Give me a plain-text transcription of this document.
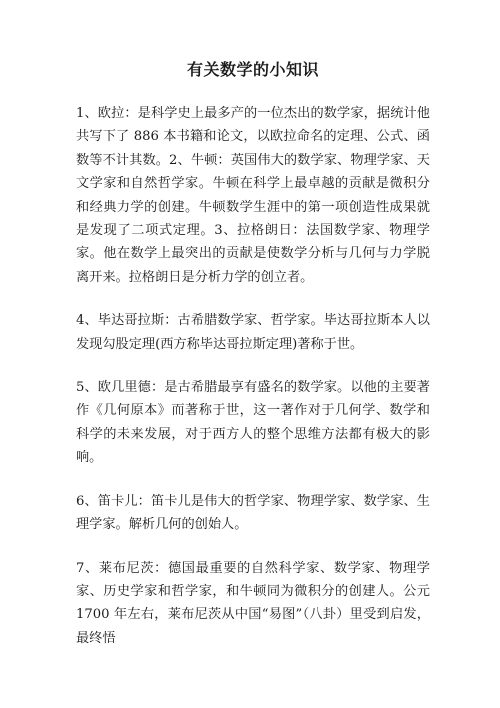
有关数学的小知识

1、欧拉：是科学史上最多产的一位杰出的数学家，据统计他共写下了 886 本书籍和论文，以欧拉命名的定理、公式、函数等不计其数。2、牛顿：英国伟大的数学家、物理学家、天文学家和自然哲学家。牛顿在科学上最卓越的贡献是微积分和经典力学的创建。牛顿数学生涯中的第一项创造性成果就是发现了二项式定理。3、拉格朗日：法国数学家、物理学家。他在数学上最突出的贡献是使数学分析与几何与力学脱离开来。拉格朗日是分析力学的创立者。

4、毕达哥拉斯：古希腊数学家、哲学家。毕达哥拉斯本人以发现勾股定理(西方称毕达哥拉斯定理)著称于世。

5、欧几里德：是古希腊最享有盛名的数学家。以他的主要著作《几何原本》而著称于世，这一著作对于几何学、数学和科学的未来发展，对于西方人的整个思维方法都有极大的影响。

6、笛卡儿：笛卡儿是伟大的哲学家、物理学家、数学家、生理学家。解析几何的创始人。

7、莱布尼茨：德国最重要的自然科学家、数学家、物理学家、历史学家和哲学家，和牛顿同为微积分的创建人。公元 1700 年左右，莱布尼茨从中国“易图”（八卦）里受到启发，最终悟
